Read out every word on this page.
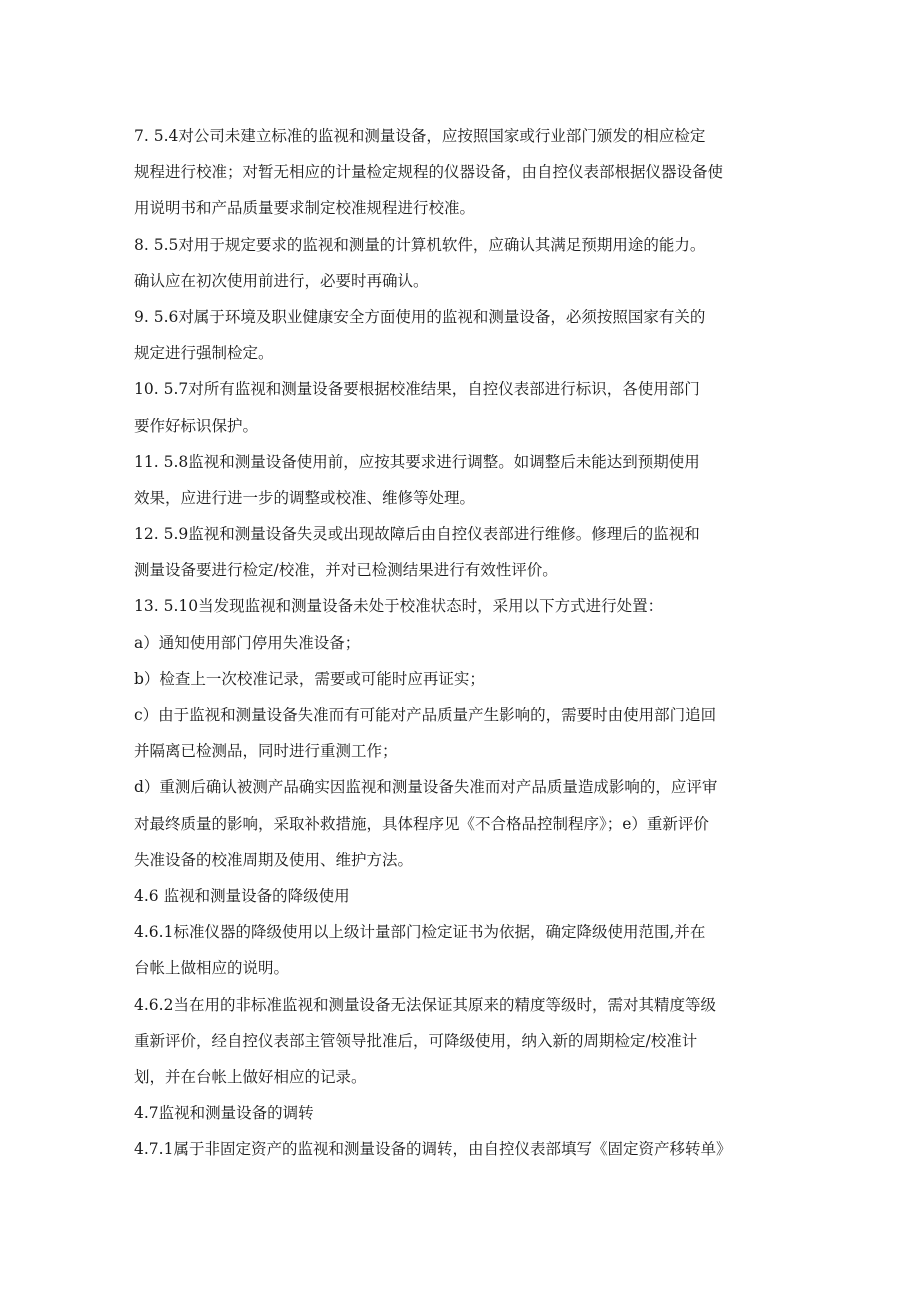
7. 5.4对公司未建立标准的监视和测量设备，应按照国家或行业部门颁发的相应检定
规程进行校准；对暂无相应的计量检定规程的仪器设备，由自控仪表部根据仪器设备使
用说明书和产品质量要求制定校准规程进行校准。
8. 5.5对用于规定要求的监视和测量的计算机软件，应确认其满足预期用途的能力。
确认应在初次使用前进行，必要时再确认。
9. 5.6对属于环境及职业健康安全方面使用的监视和测量设备，必须按照国家有关的
规定进行强制检定。
10. 5.7对所有监视和测量设备要根据校准结果，自控仪表部进行标识，各使用部门
要作好标识保护。
11. 5.8监视和测量设备使用前，应按其要求进行调整。如调整后未能达到预期使用
效果，应进行进一步的调整或校准、维修等处理。
12. 5.9监视和测量设备失灵或出现故障后由自控仪表部进行维修。修理后的监视和
测量设备要进行检定/校准，并对已检测结果进行有效性评价。
13. 5.10当发现监视和测量设备未处于校准状态时，采用以下方式进行处置：
a）通知使用部门停用失准设备；
b）检查上一次校准记录，需要或可能时应再证实；
c）由于监视和测量设备失准而有可能对产品质量产生影响的，需要时由使用部门追回
并隔离已检测品，同时进行重测工作；
d）重测后确认被测产品确实因监视和测量设备失准而对产品质量造成影响的，应评审
对最终质量的影响，采取补救措施，具体程序见《不合格品控制程序》；e）重新评价
失准设备的校准周期及使用、维护方法。
4.6 监视和测量设备的降级使用
4.6.1标准仪器的降级使用以上级计量部门检定证书为依据，确定降级使用范围,并在
台帐上做相应的说明。
4.6.2当在用的非标准监视和测量设备无法保证其原来的精度等级时，需对其精度等级
重新评价，经自控仪表部主管领导批准后，可降级使用，纳入新的周期检定/校准计
划，并在台帐上做好相应的记录。
4.7监视和测量设备的调转
4.7.1属于非固定资产的监视和测量设备的调转，由自控仪表部填写《固定资产移转单》
